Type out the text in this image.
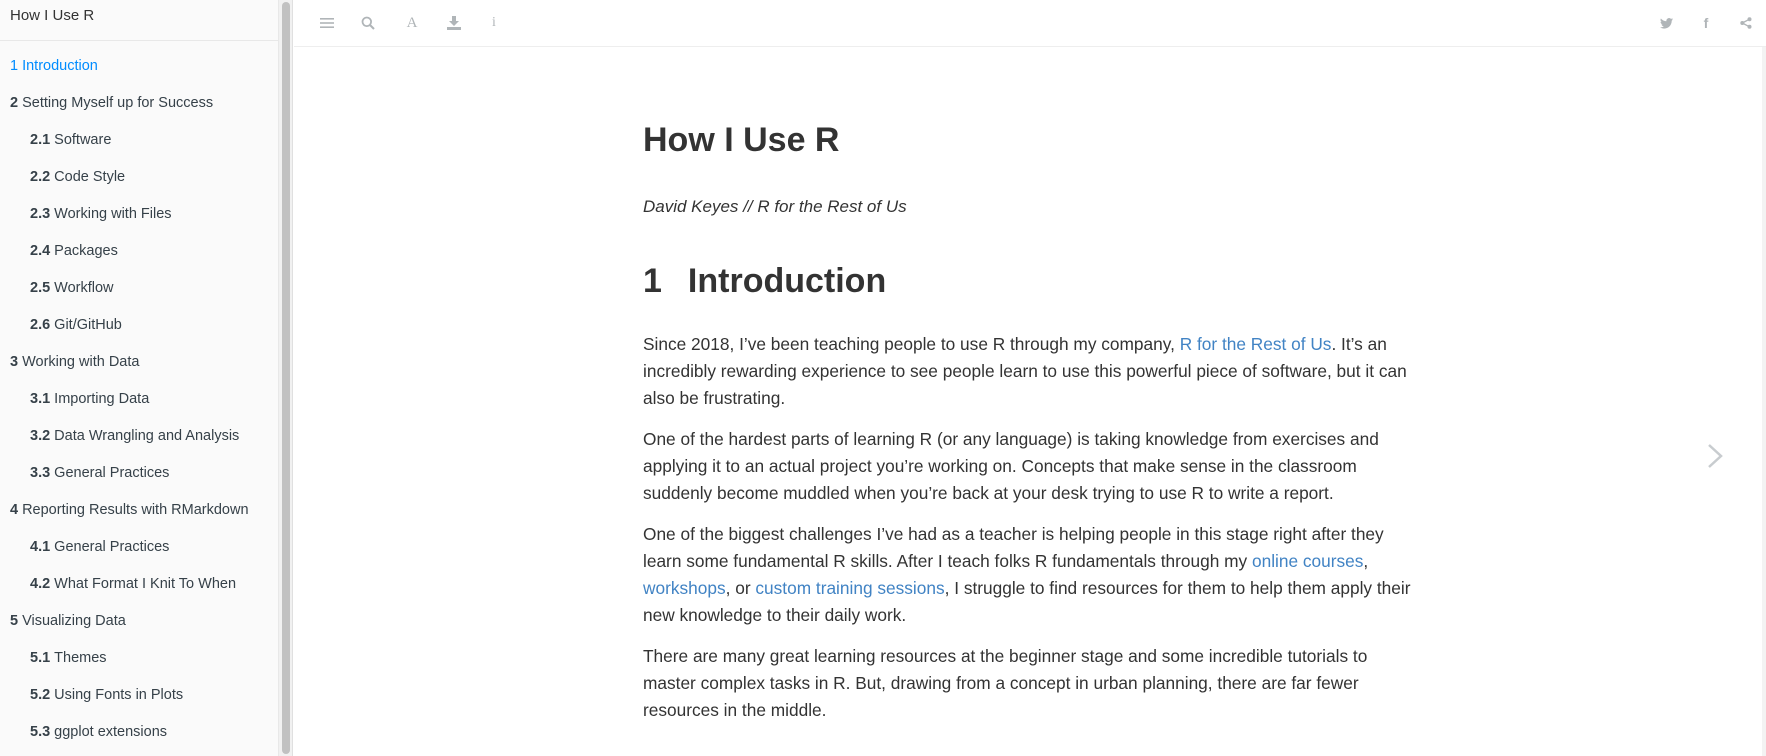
How I Use R
1 Introduction
2 Setting Myself up for Success
2.1 Software
2.2 Code Style
2.3 Working with Files
2.4 Packages
2.5 Workflow
2.6 Git/GitHub
3 Working with Data
3.1 Importing Data
3.2 Data Wrangling and Analysis
3.3 General Practices
4 Reporting Results with RMarkdown
4.1 General Practices
4.2 What Format I Knit To When
5 Visualizing Data
5.1 Themes
5.2 Using Fonts in Plots
5.3 ggplot extensions
A	i	f
How I Use R

David Keyes // R for the Rest of Us

1 Introduction

Since 2018, I’ve been teaching people to use R through my company, R for the Rest of Us. It’s an incredibly rewarding experience to see people learn to use this powerful piece of software, but it can also be frustrating.

One of the hardest parts of learning R (or any language) is taking knowledge from exercises and applying it to an actual project you’re working on. Concepts that make sense in the classroom suddenly become muddled when you’re back at your desk trying to use R to write a report.

One of the biggest challenges I’ve had as a teacher is helping people in this stage right after they learn some fundamental R skills. After I teach folks R fundamentals through my online courses, workshops, or custom training sessions, I struggle to find resources for them to help them apply their new knowledge to their daily work.

There are many great learning resources at the beginner stage and some incredible tutorials to master complex tasks in R. But, drawing from a concept in urban planning, there are far fewer resources in the middle.
